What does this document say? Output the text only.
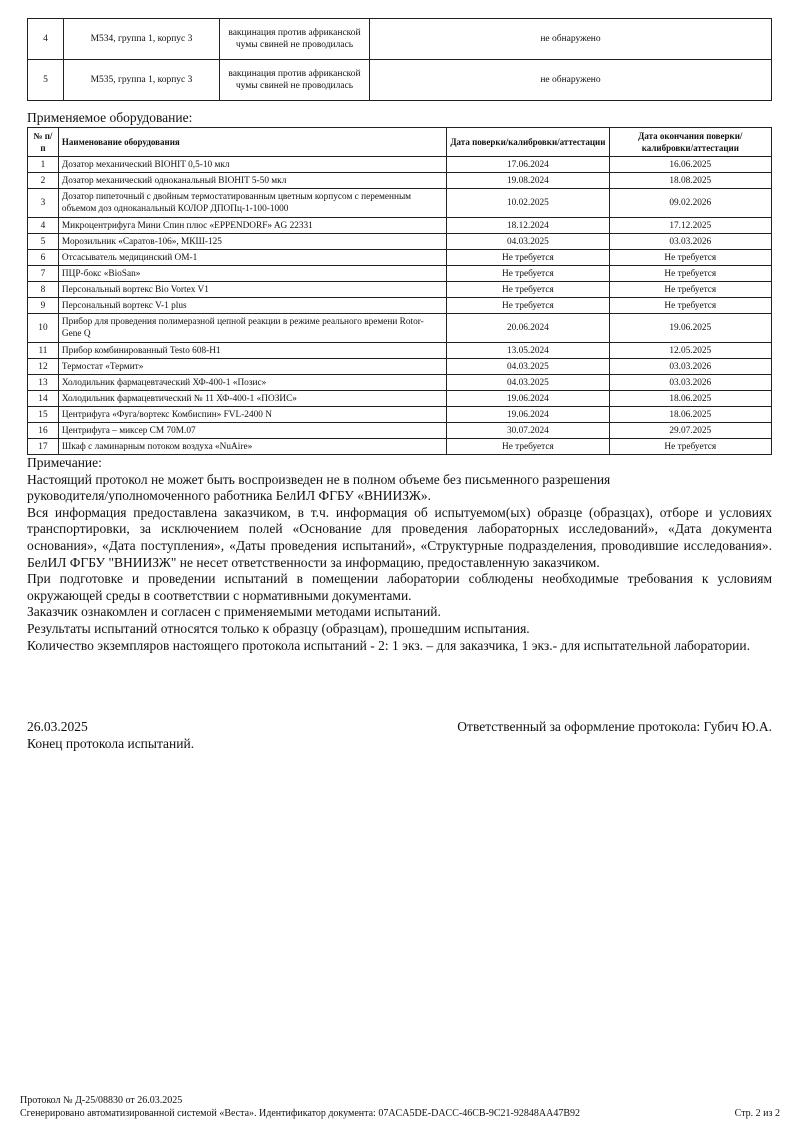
4	М534, группа 1, корпус 3	вакцинация против африканской чумы свиней не проводилась	не обнаружено
5	М535, группа 1, корпус 3	вакцинация против африканской чумы свиней не проводилась	не обнаружено
Применяемое оборудование:
№ п/п	Наименование оборудования	Дата поверки/калибровки/аттестации	Дата окончания поверки/калибровки/аттестации
1	Дозатор механический BIOHIT 0,5-10 мкл	17.06.2024	16.06.2025
2	Дозатор механический одноканальный BIOHIT 5-50 мкл	19.08.2024	18.08.2025
3	Дозатор пипеточный с двойным термостатированным цветным корпусом с переменным объемом доз одноканальный КОЛОР ДПОПц-1-100-1000	10.02.2025	09.02.2026
4	Микроцентрифуга Мини Спин плюс «EPPENDORF» AG 22331	18.12.2024	17.12.2025
5	Морозильник «Саратов-106», МКШ-125	04.03.2025	03.03.2026
6	Отсасыватель медицинский ОМ-1	Не требуется	Не требуется
7	ПЦР-бокс «BioSan»	Не требуется	Не требуется
8	Персональный вортекс Bio Vortex V1	Не требуется	Не требуется
9	Персональный вортекс V-1 plus	Не требуется	Не требуется
10	Прибор для проведения полимеразной цепной реакции в режиме реального времени Rotor-Gene Q	20.06.2024	19.06.2025
11	Прибор комбинированный Testo 608-H1	13.05.2024	12.05.2025
12	Термостат «Термит»	04.03.2025	03.03.2026
13	Холодильник фармацевтачеcкий ХФ-400-1 «Позис»	04.03.2025	03.03.2026
14	Холодильник фармацевтический № 11 ХФ-400-1 «ПОЗИС»	19.06.2024	18.06.2025
15	Центрифуга «Фуга/вортекс Комбиспин» FVL-2400 N	19.06.2024	18.06.2025
16	Центрифуга – миксер СМ 70М.07	30.07.2024	29.07.2025
17	Шкаф с ламинарным потоком воздуха «NuAire»	Не требуется	Не требуется

Примечание:

Настоящий протокол не может быть воспроизведен не в полном объеме без письменного разрешения руководителя/уполномоченного работника БелИЛ ФГБУ «ВНИИЗЖ».

Вся информация предоставлена заказчиком, в т.ч. информация об испытуемом(ых) образце (образцах), отборе и условиях транспортировки, за исключением полей «Основание для проведения лабораторных исследований», «Дата документа основания», «Дата поступления», «Даты проведения испытаний», «Структурные подразделения, проводившие исследования». БелИЛ ФГБУ "ВНИИЗЖ" не несет ответственности за информацию, предоставленную заказчиком.

При подготовке и проведении испытаний в помещении лаборатории соблюдены необходимые требования к условиям окружающей среды в соответствии с нормативными документами.

Заказчик ознакомлен и согласен с применяемыми методами испытаний.

Результаты испытаний относятся только к образцу (образцам), прошедшим испытания.

Количество экземпляров настоящего протокола испытаний - 2: 1 экз. – для заказчика, 1 экз.- для испытательной лаборатории.

26.03.2025	Ответственный за оформление протокола: Губич Ю.А.
Конец протокола испытаний.
Протокол № Д-25/08830 от 26.03.2025
Сгенерировано автоматизированной системой «Веста». Идентификатор документа: 07ACA5DE-DACC-46CB-9C21-92848AA47B92	Стр. 2 из 2
